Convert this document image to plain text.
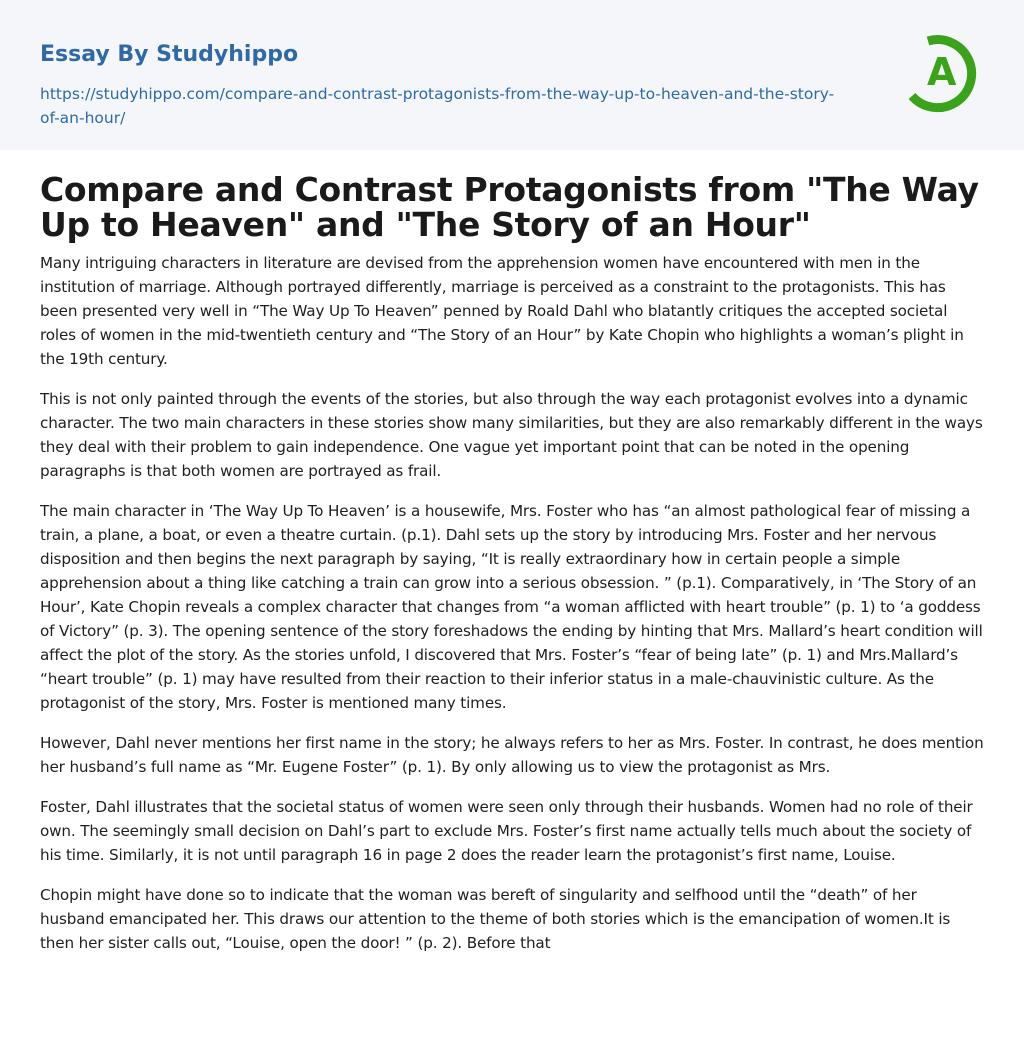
Essay By Studyhippo
https://studyhippo.com/compare-and-contrast-protagonists-from-the-way-up-to-heaven-and-the-story-of-an-hour/
A
Compare and Contrast Protagonists from "The Way Up to Heaven" and "The Story of an Hour"

Many intriguing characters in literature are devised from the apprehension women have encountered with men in the institution of marriage. Although portrayed differently, marriage is perceived as a constraint to the protagonists. This has been presented very well in “The Way Up To Heaven” penned by Roald Dahl who blatantly critiques the accepted societal roles of women in the mid-twentieth century and “The Story of an Hour” by Kate Chopin who highlights a woman’s plight in the 19th century.

This is not only painted through the events of the stories, but also through the way each protagonist evolves into a dynamic character. The two main characters in these stories show many similarities, but they are also remarkably different in the ways they deal with their problem to gain independence. One vague yet important point that can be noted in the opening paragraphs is that both women are portrayed as frail.

The main character in ‘The Way Up To Heaven’ is a housewife, Mrs. Foster who has “an almost pathological fear of missing a train, a plane, a boat, or even a theatre curtain. (p.1). Dahl sets up the story by introducing Mrs. Foster and her nervous disposition and then begins the next paragraph by saying, “It is really extraordinary how in certain people a simple apprehension about a thing like catching a train can grow into a serious obsession. ” (p.1). Comparatively, in ‘The Story of an Hour’, Kate Chopin reveals a complex character that changes from “a woman afflicted with heart trouble” (p. 1) to ‘a goddess of Victory” (p. 3). The opening sentence of the story foreshadows the ending by hinting that Mrs. Mallard’s heart condition will affect the plot of the story. As the stories unfold, I discovered that Mrs. Foster’s “fear of being late” (p. 1) and Mrs.Mallard’s “heart trouble” (p. 1) may have resulted from their reaction to their inferior status in a male-chauvinistic culture. As the protagonist of the story, Mrs. Foster is mentioned many times.

However, Dahl never mentions her first name in the story; he always refers to her as Mrs. Foster. In contrast, he does mention her husband’s full name as “Mr. Eugene Foster” (p. 1). By only allowing us to view the protagonist as Mrs.

Foster, Dahl illustrates that the societal status of women were seen only through their husbands. Women had no role of their own. The seemingly small decision on Dahl’s part to exclude Mrs. Foster’s first name actually tells much about the society of his time. Similarly, it is not until paragraph 16 in page 2 does the reader learn the protagonist’s first name, Louise.

Chopin might have done so to indicate that the woman was bereft of singularity and selfhood until the “death” of her husband emancipated her. This draws our attention to the theme of both stories which is the emancipation of women.It is then her sister calls out, “Louise, open the door! ” (p. 2). Before that
